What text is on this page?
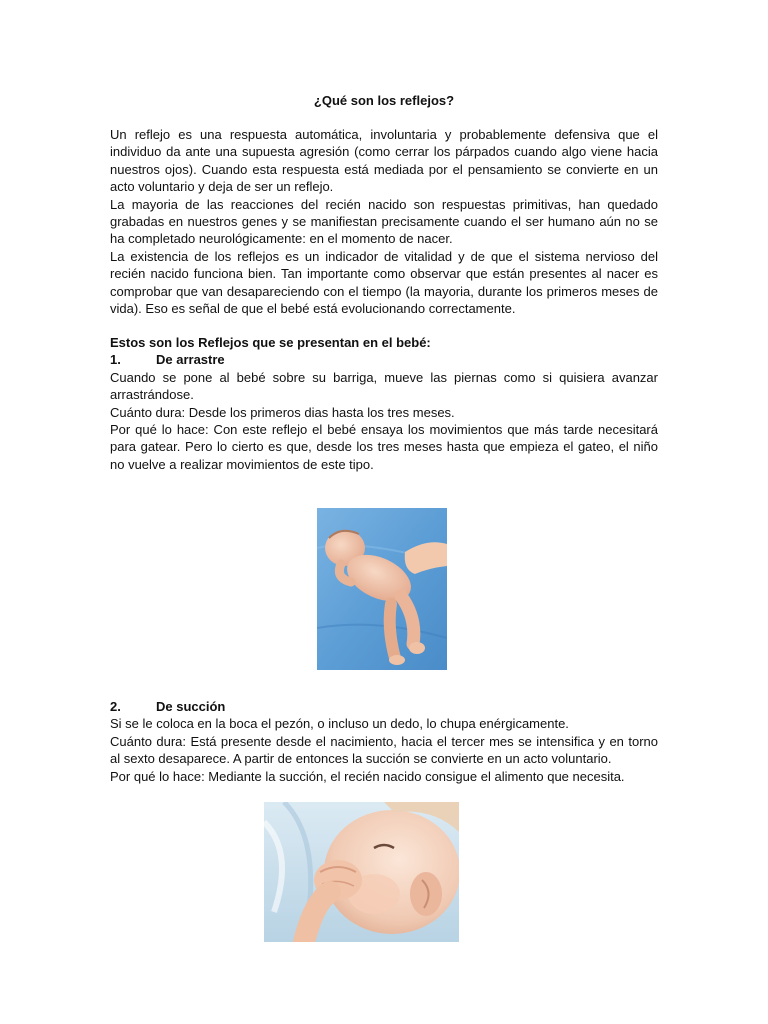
¿Qué son los reflejos?

Un reflejo es una respuesta automática, involuntaria y probablemente defensiva que el individuo da ante una supuesta agresión (como cerrar los párpados cuando algo viene hacia nuestros ojos). Cuando esta respuesta está mediada por el pensamiento se convierte en un acto voluntario y deja de ser un reflejo.

La mayoria de las reacciones del recién nacido son respuestas primitivas, han quedado grabadas en nuestros genes y se manifiestan precisamente cuando el ser humano aún no se ha completado neurológicamente: en el momento de nacer.

La existencia de los reflejos es un indicador de vitalidad y de que el sistema nervioso del recién nacido funciona bien. Tan importante como observar que están presentes al nacer es comprobar que van desapareciendo con el tiempo (la mayoria, durante los primeros meses de vida). Eso es señal de que el bebé está evolucionando correctamente.

Estos son los Reflejos que se presentan en el bebé:

1.	De arrastre

Cuando se pone al bebé sobre su barriga, mueve las piernas como si quisiera avanzar arrastrándose.

Cuánto dura: Desde los primeros dias hasta los tres meses.

Por qué lo hace: Con este reflejo el bebé ensaya los movimientos que más tarde necesitará para gatear. Pero lo cierto es que, desde los tres meses hasta que empieza el gateo, el niño no vuelve a realizar movimientos de este tipo.

2.	De succión

Si se le coloca en la boca el pezón, o incluso un dedo, lo chupa enérgicamente.

Cuánto dura: Está presente desde el nacimiento, hacia el tercer mes se intensifica y en torno al sexto desaparece. A partir de entonces la succión se convierte en un acto voluntario.

Por qué lo hace: Mediante la succión, el recién nacido consigue el alimento que necesita.
